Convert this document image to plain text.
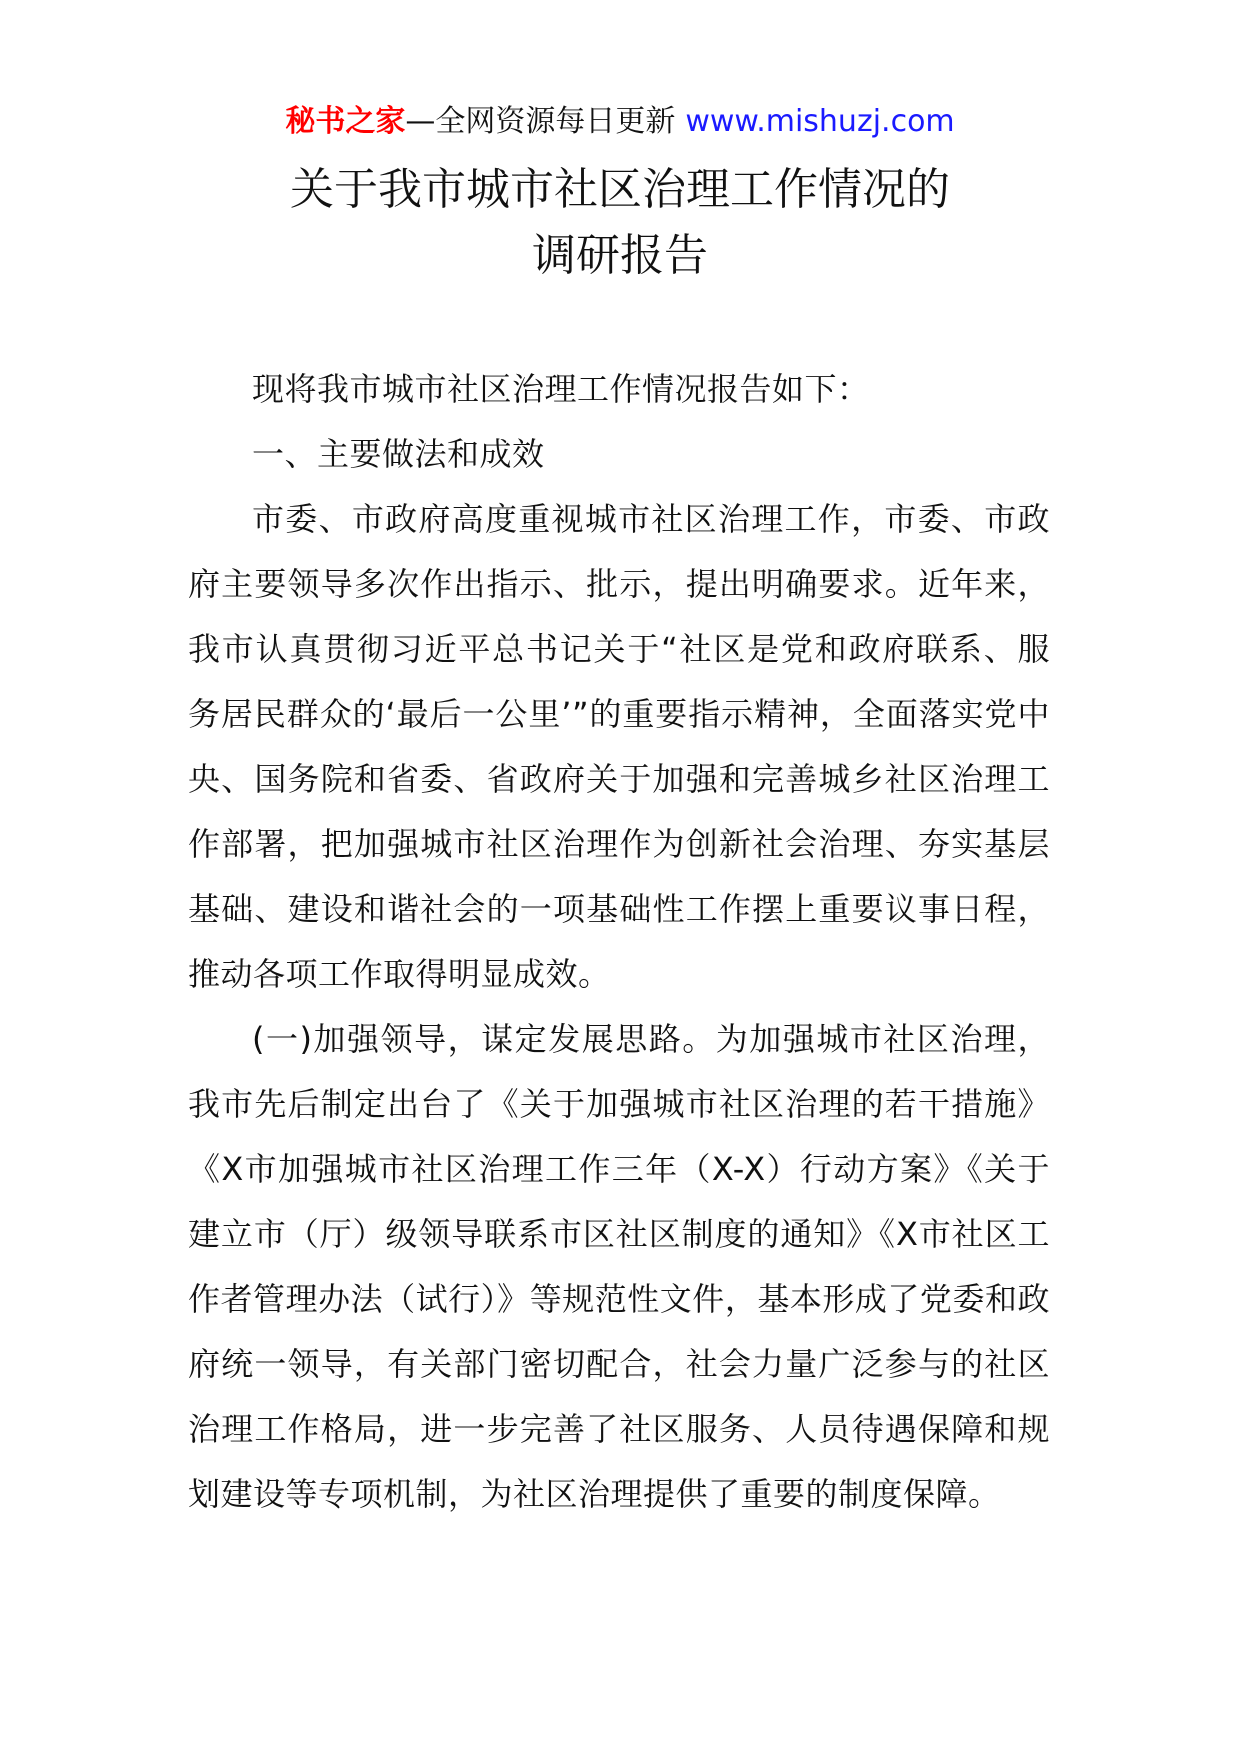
秘书之家—全网资源每日更新 www.mishuzj.com
关于我市城市社区治理工作情况的
调研报告

现将我市城市社区治理工作情况报告如下：

一、主要做法和成效

市委、市政府高度重视城市社区治理工作，市委、市政府主要领导多次作出指示、批示，提出明确要求。近年来，我市认真贯彻习近平总书记关于“社区是党和政府联系、服务居民群众的‘最后一公里’”的重要指示精神，全面落实党中央、国务院和省委、省政府关于加强和完善城乡社区治理工作部署，把加强城市社区治理作为创新社会治理、夯实基层基础、建设和谐社会的一项基础性工作摆上重要议事日程，推动各项工作取得明显成效。

(一)加强领导，谋定发展思路。为加强城市社区治理，我市先后制定出台了《关于加强城市社区治理的若干措施》《X市加强城市社区治理工作三年（X-X）行动方案》《关于建立市（厅）级领导联系市区社区制度的通知》《X市社区工作者管理办法（试行）》等规范性文件，基本形成了党委和政府统一领导，有关部门密切配合，社会力量广泛参与的社区治理工作格局，进一步完善了社区服务、人员待遇保障和规划建设等专项机制，为社区治理提供了重要的制度保障。
